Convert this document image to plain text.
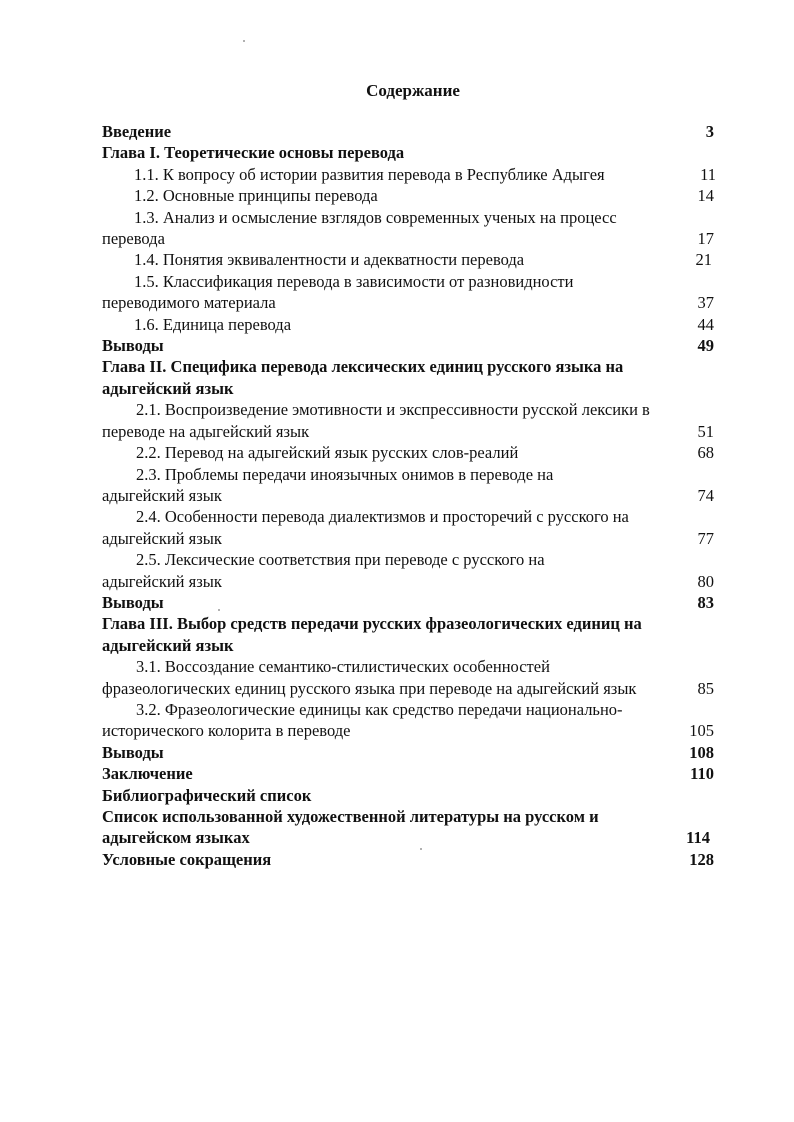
Содержание
Введение	3
Глава I. Теоретические основы перевода
1.1. К вопросу об истории развития перевода в Республике Адыгея	11
1.2. Основные принципы перевода	14
1.3. Анализ и осмысление взглядов современных ученых на процесс перевода	17
1.4. Понятия эквивалентности и адекватности перевода	21
1.5. Классификация перевода в зависимости от разновидности переводимого материала	37
1.6. Единица перевода	44
Выводы	49
Глава II. Специфика перевода лексических единиц русского языка на адыгейский язык
2.1. Воспроизведение эмотивности и экспрессивности русской лексики в переводе на адыгейский язык	51
2.2. Перевод на адыгейский язык русских слов-реалий	68
2.3. Проблемы передачи иноязычных онимов в переводе на адыгейский язык	74
2.4. Особенности перевода диалектизмов и просторечий с русского на адыгейский язык	77
2.5. Лексические соответствия при переводе с русского на адыгейский язык	80
Выводы	83
Глава III. Выбор средств передачи русских фразеологических единиц на адыгейский язык
3.1. Воссоздание семантико-стилистических особенностей фразеологических единиц русского языка при переводе на адыгейский язык	85
3.2. Фразеологические единицы как средство передачи национально-исторического колорита в переводе	105
Выводы	108
Заключение	110
Библиографический список
Список использованной художественной литературы на русском и адыгейском языках	114
Условные сокращения	128
